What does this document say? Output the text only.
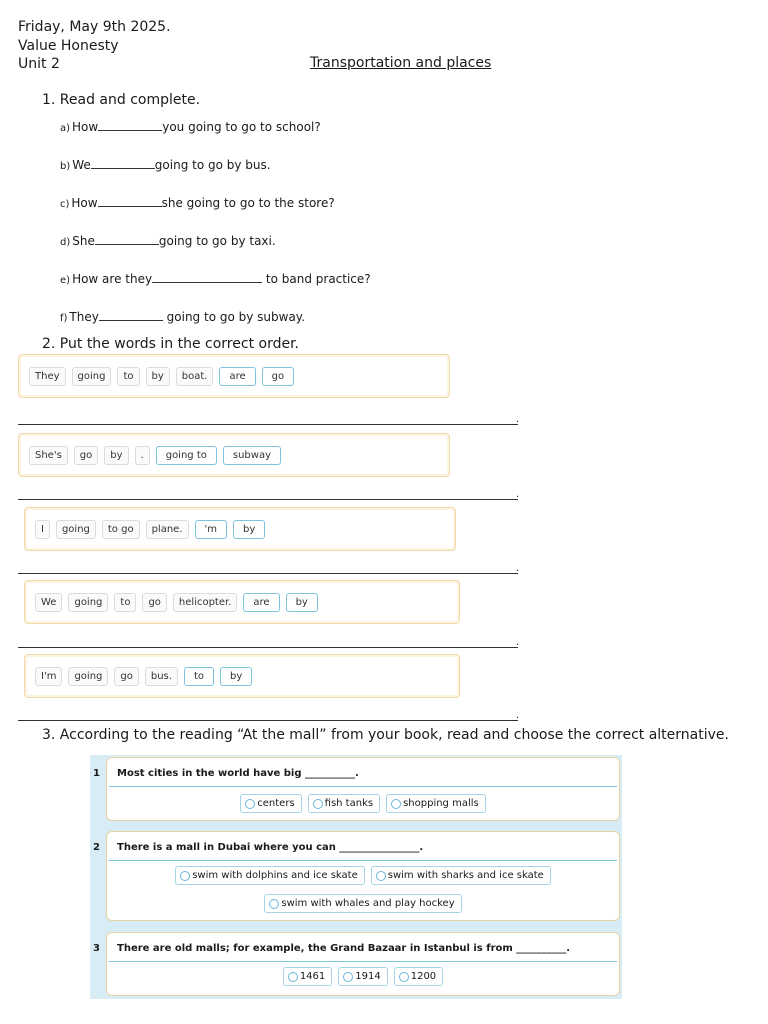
Friday, May 9th 2025.
Value Honesty
Unit 2	Transportation and places
1. Read and complete.
a) How	you going to go to school?
b) We	going to go by bus.
c) How	she going to go to the store?
d) She	going to go by taxi.
e) How are they	to band practice?
f) They	going to go by subway.
2. Put the words in the correct order.
They	going	to	by	boat.	are	go
.
She's	go	by	.	going to	subway
.
I	going	to go	plane.	'm	by
.
We	going	to	go	helicopter.	are	by
.
I'm	going	go	bus.	to	by
.
3. According to the reading “At the mall” from your book, read and choose the correct alternative.
1 Most cities in the world have big __________.
centers	fish tanks	shopping malls
2 There is a mall in Dubai where you can ________________.
swim with dolphins and ice skate	swim with sharks and ice skate
swim with whales and play hockey
3 There are old malls; for example, the Grand Bazaar in Istanbul is from __________.
1461	1914	1200
